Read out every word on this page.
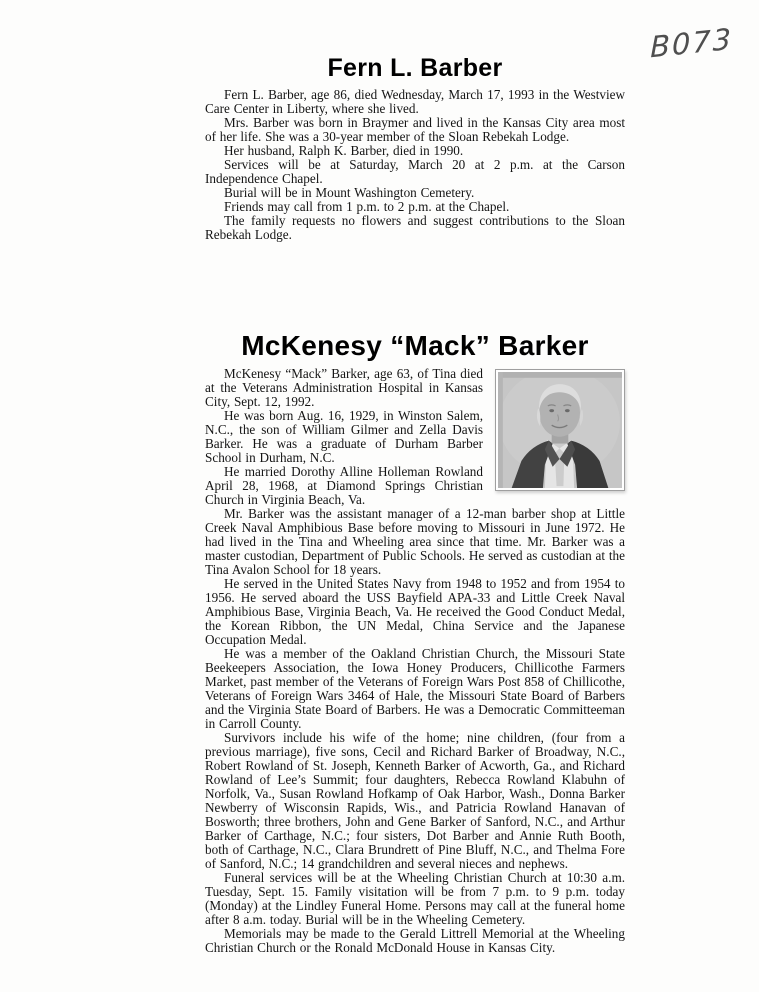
B073
Fern L. Barber

Fern L. Barber, age 86, died Wednesday, March 17, 1993 in the Westview Care Center in Liberty, where she lived.

Mrs. Barber was born in Braymer and lived in the Kansas City area most of her life. She was a 30-year member of the Sloan Rebekah Lodge.

Her husband, Ralph K. Barber, died in 1990.

Services will be at Saturday, March 20 at 2 p.m. at the Carson Independence Chapel.

Burial will be in Mount Washington Cemetery.

Friends may call from 1 p.m. to 2 p.m. at the Chapel.

The family requests no flowers and suggest contributions to the Sloan Rebekah Lodge.

McKenesy “Mack” Barker

McKenesy “Mack” Barker, age 63, of Tina died at the Veterans Administration Hospital in Kansas City, Sept. 12, 1992.

He was born Aug. 16, 1929, in Winston Salem, N.C., the son of William Gilmer and Zella Davis Barker. He was a graduate of Durham Barber School in Durham, N.C.

He married Dorothy Alline Holleman Rowland April 28, 1968, at Diamond Springs Christian Church in Virginia Beach, Va.

Mr. Barker was the assistant manager of a 12-man barber shop at Little Creek Naval Amphibious Base before moving to Missouri in June 1972. He had lived in the Tina and Wheeling area since that time. Mr. Barker was a master custodian, Department of Public Schools. He served as custodian at the Tina Avalon School for 18 years.

He served in the United States Navy from 1948 to 1952 and from 1954 to 1956. He served aboard the USS Bayfield APA-33 and Little Creek Naval Amphibious Base, Virginia Beach, Va. He received the Good Conduct Medal, the Korean Ribbon, the UN Medal, China Service and the Japanese Occupation Medal.

He was a member of the Oakland Christian Church, the Missouri State Beekeepers Association, the Iowa Honey Producers, Chillicothe Farmers Market, past member of the Veterans of Foreign Wars Post 858 of Chillicothe, Veterans of Foreign Wars 3464 of Hale, the Missouri State Board of Barbers and the Virginia State Board of Barbers. He was a Democratic Committeeman in Carroll County.

Survivors include his wife of the home; nine children, (four from a previous marriage), five sons, Cecil and Richard Barker of Broadway, N.C., Robert Rowland of St. Joseph, Kenneth Barker of Acworth, Ga., and Richard Rowland of Lee’s Summit; four daughters, Rebecca Rowland Klabuhn of Norfolk, Va., Susan Rowland Hofkamp of Oak Harbor, Wash., Donna Barker Newberry of Wisconsin Rapids, Wis., and Patricia Rowland Hanavan of Bosworth; three brothers, John and Gene Barker of Sanford, N.C., and Arthur Barker of Carthage, N.C.; four sisters, Dot Barber and Annie Ruth Booth, both of Carthage, N.C., Clara Brundrett of Pine Bluff, N.C., and Thelma Fore of Sanford, N.C.; 14 grandchildren and several nieces and nephews.

Funeral services will be at the Wheeling Christian Church at 10:30 a.m. Tuesday, Sept. 15. Family visitation will be from 7 p.m. to 9 p.m. today (Monday) at the Lindley Funeral Home. Persons may call at the funeral home after 8 a.m. today. Burial will be in the Wheeling Cemetery.

Memorials may be made to the Gerald Littrell Memorial at the Wheeling Christian Church or the Ronald McDonald House in Kansas City.
